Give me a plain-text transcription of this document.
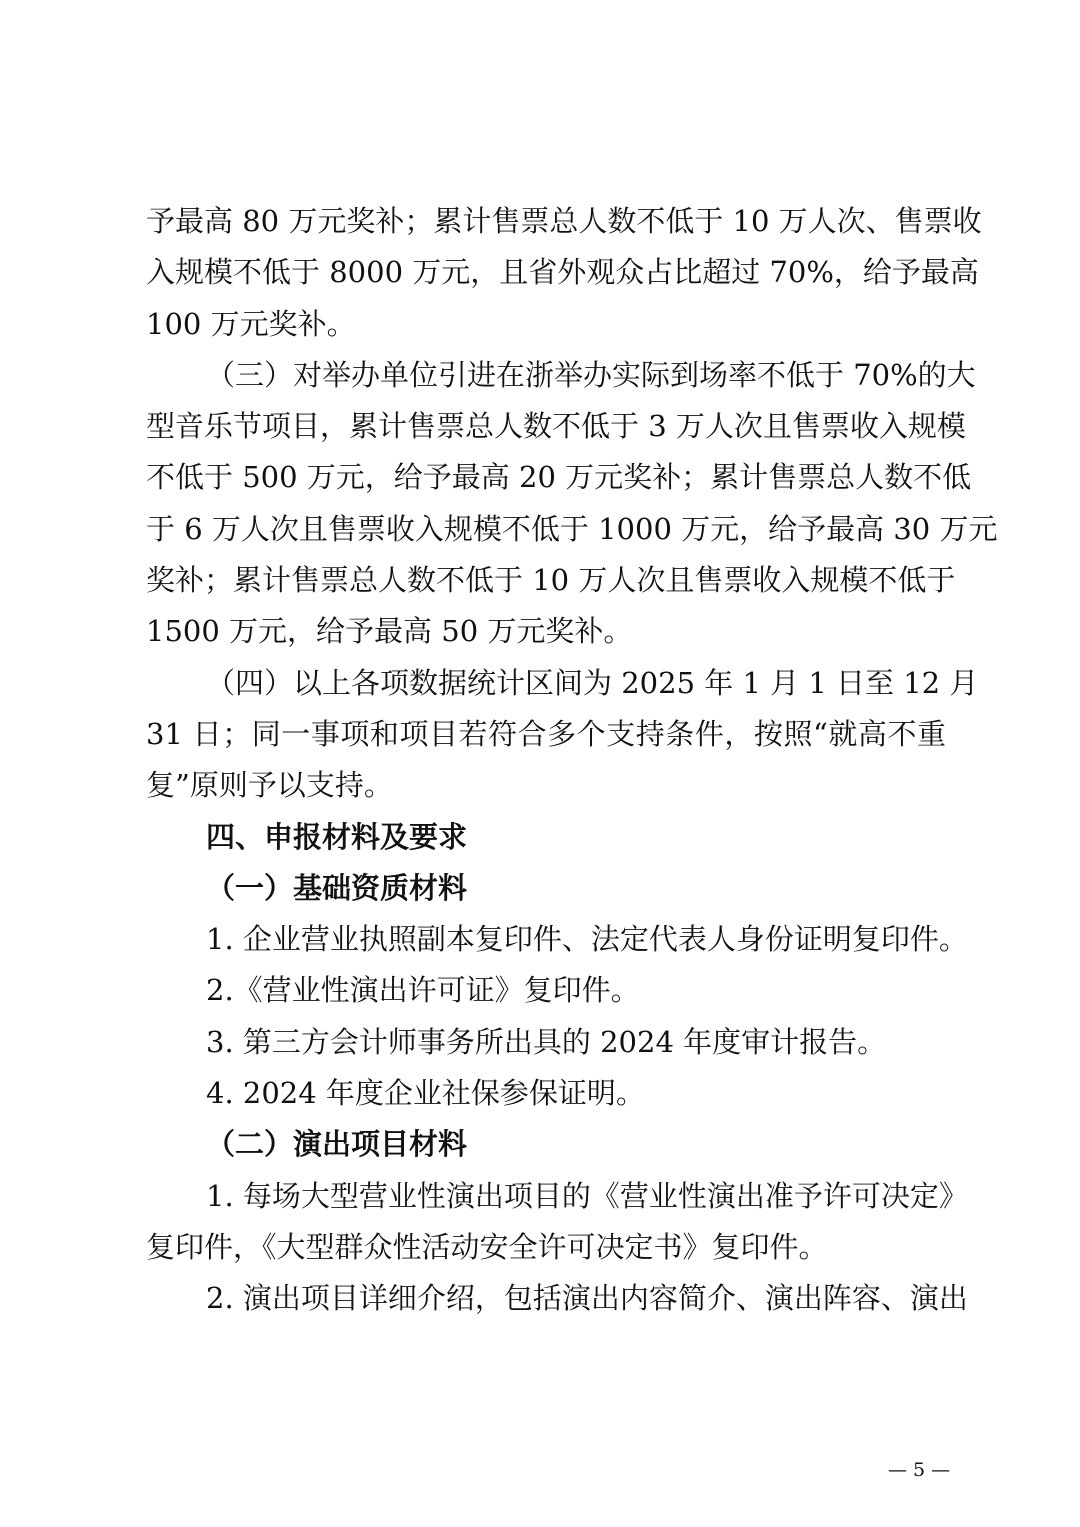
予最高 80 万元奖补；累计售票总人数不低于 10 万人次、售票收
入规模不低于 8000 万元，且省外观众占比超过 70%，给予最高
100 万元奖补。
（三）对举办单位引进在浙举办实际到场率不低于 70%的大
型音乐节项目，累计售票总人数不低于 3 万人次且售票收入规模
不低于 500 万元，给予最高 20 万元奖补；累计售票总人数不低
于 6 万人次且售票收入规模不低于 1000 万元，给予最高 30 万元
奖补；累计售票总人数不低于 10 万人次且售票收入规模不低于
1500 万元，给予最高 50 万元奖补。
（四）以上各项数据统计区间为 2025 年 1 月 1 日至 12 月
31 日；同一事项和项目若符合多个支持条件，按照“就高不重
复”原则予以支持。
四、申报材料及要求
（一）基础资质材料
1. 企业营业执照副本复印件、法定代表人身份证明复印件。
2.《营业性演出许可证》复印件。
3. 第三方会计师事务所出具的 2024 年度审计报告。
4. 2024 年度企业社保参保证明。
（二）演出项目材料
1. 每场大型营业性演出项目的《营业性演出准予许可决定》
复印件，《大型群众性活动安全许可决定书》复印件。
2. 演出项目详细介绍，包括演出内容简介、演出阵容、演出
— 5 —
